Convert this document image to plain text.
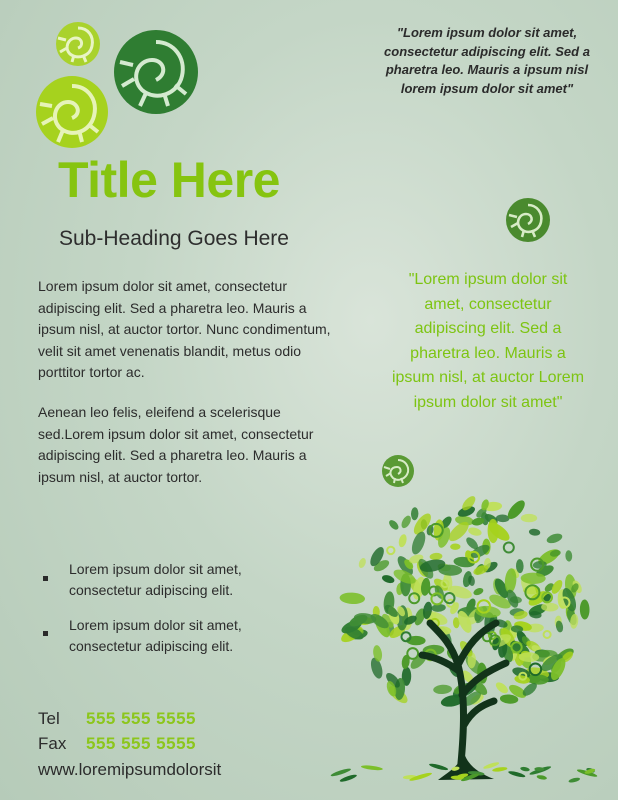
"Lorem ipsum dolor sit amet, consectetur adipiscing elit. Sed a pharetra leo. Mauris a ipsum nisl lorem ipsum dolor sit amet"
Title Here
Sub-Heading Goes Here
Lorem ipsum dolor sit amet, consectetur adipiscing elit. Sed a pharetra leo. Mauris a ipsum nisl, at auctor tortor. Nunc condimentum, velit sit amet venenatis blandit, metus odio porttitor tortor ac.
Aenean leo felis, eleifend a scelerisque sed.Lorem ipsum dolor sit amet, consectetur adipiscing elit. Sed a pharetra leo. Mauris a ipsum nisl, at auctor tortor.
"Lorem ipsum dolor sit amet, consectetur adipiscing elit. Sed a pharetra leo. Mauris a ipsum nisl, at auctor Lorem ipsum dolor sit amet"
Lorem ipsum dolor sit amet, consectetur adipiscing elit.
Lorem ipsum dolor sit amet, consectetur adipiscing elit.
Tel 555 555 5555
Fax 555 555 5555
www.loremipsumdolorsit
